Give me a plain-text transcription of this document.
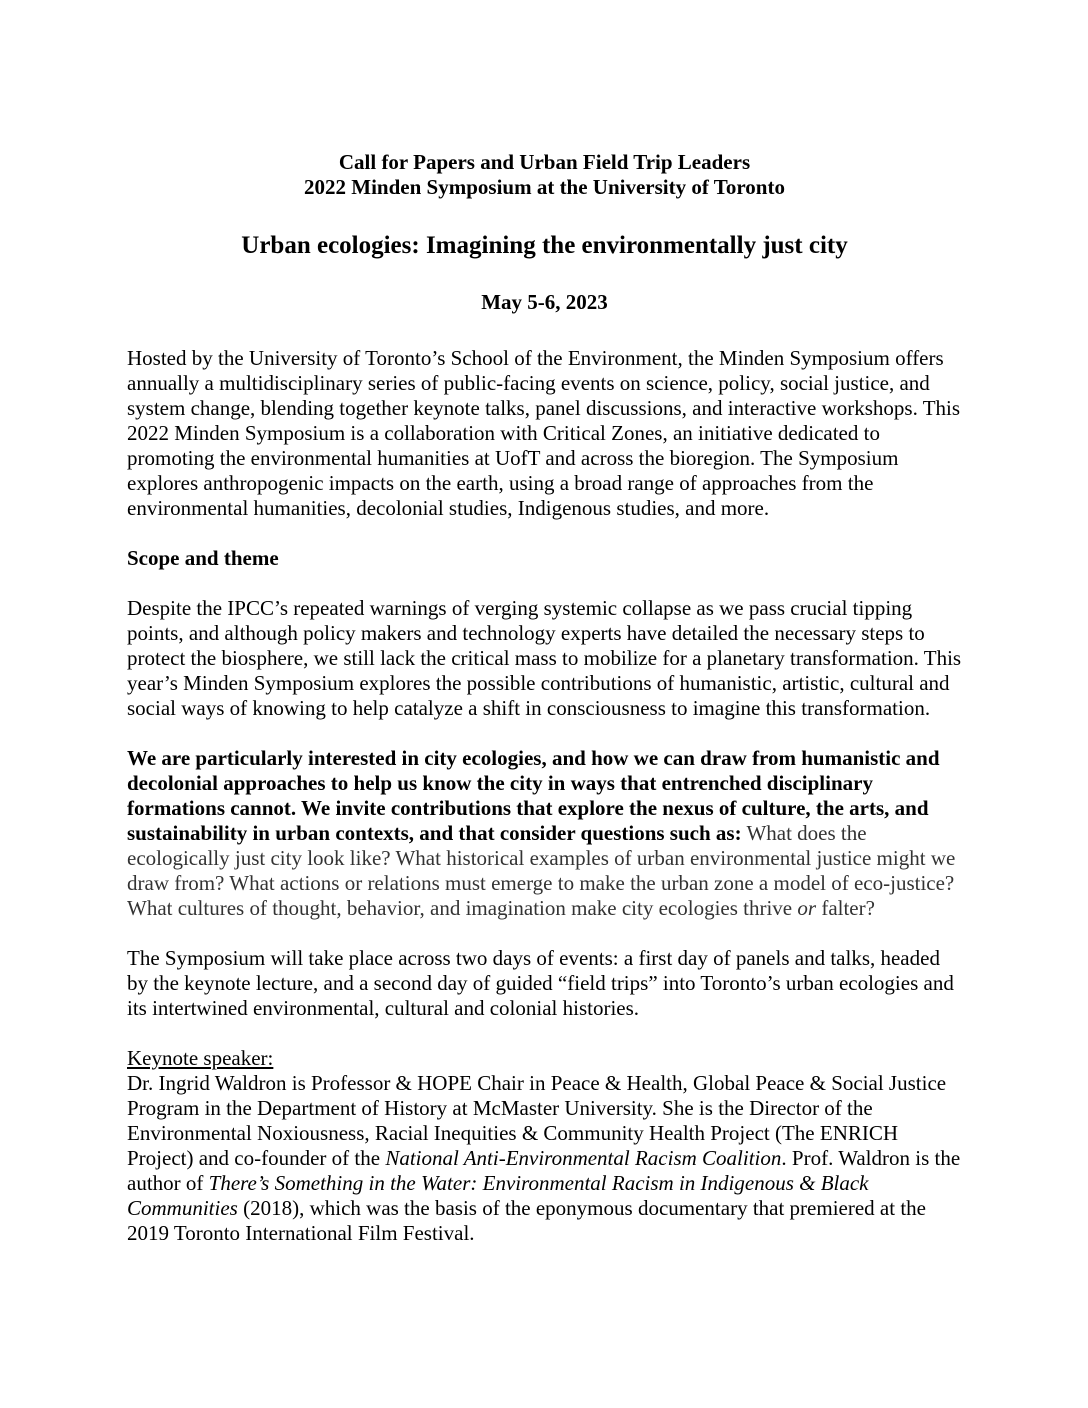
Call for Papers and Urban Field Trip Leaders

2022 Minden Symposium at the University of Toronto

Urban ecologies: Imagining the environmentally just city

May 5-6, 2023

Hosted by the University of Toronto’s School of the Environment, the Minden Symposium offers annually a multidisciplinary series of public-facing events on science, policy, social justice, and system change, blending together keynote talks, panel discussions, and interactive workshops. This 2022 Minden Symposium is a collaboration with Critical Zones, an initiative dedicated to promoting the environmental humanities at UofT and across the bioregion. The Symposium explores anthropogenic impacts on the earth, using a broad range of approaches from the environmental humanities, decolonial studies, Indigenous studies, and more.

Scope and theme

Despite the IPCC’s repeated warnings of verging systemic collapse as we pass crucial tipping points, and although policy makers and technology experts have detailed the necessary steps to protect the biosphere, we still lack the critical mass to mobilize for a planetary transformation. This year’s Minden Symposium explores the possible contributions of humanistic, artistic, cultural and social ways of knowing to help catalyze a shift in consciousness to imagine this transformation.

We are particularly interested in city ecologies, and how we can draw from humanistic and decolonial approaches to help us know the city in ways that entrenched disciplinary formations cannot. We invite contributions that explore the nexus of culture, the arts, and sustainability in urban contexts, and that consider questions such as: What does the ecologically just city look like? What historical examples of urban environmental justice might we draw from? What actions or relations must emerge to make the urban zone a model of eco-justice? What cultures of thought, behavior, and imagination make city ecologies thrive or falter?

The Symposium will take place across two days of events: a first day of panels and talks, headed by the keynote lecture, and a second day of guided “field trips” into Toronto’s urban ecologies and its intertwined environmental, cultural and colonial histories.

Keynote speaker:

Dr. Ingrid Waldron is Professor & HOPE Chair in Peace & Health, Global Peace & Social Justice Program in the Department of History at McMaster University. She is the Director of the Environmental Noxiousness, Racial Inequities & Community Health Project (The ENRICH Project) and co-founder of the National Anti-Environmental Racism Coalition. Prof. Waldron is the author of There’s Something in the Water: Environmental Racism in Indigenous & Black Communities (2018), which was the basis of the eponymous documentary that premiered at the 2019 Toronto International Film Festival.
